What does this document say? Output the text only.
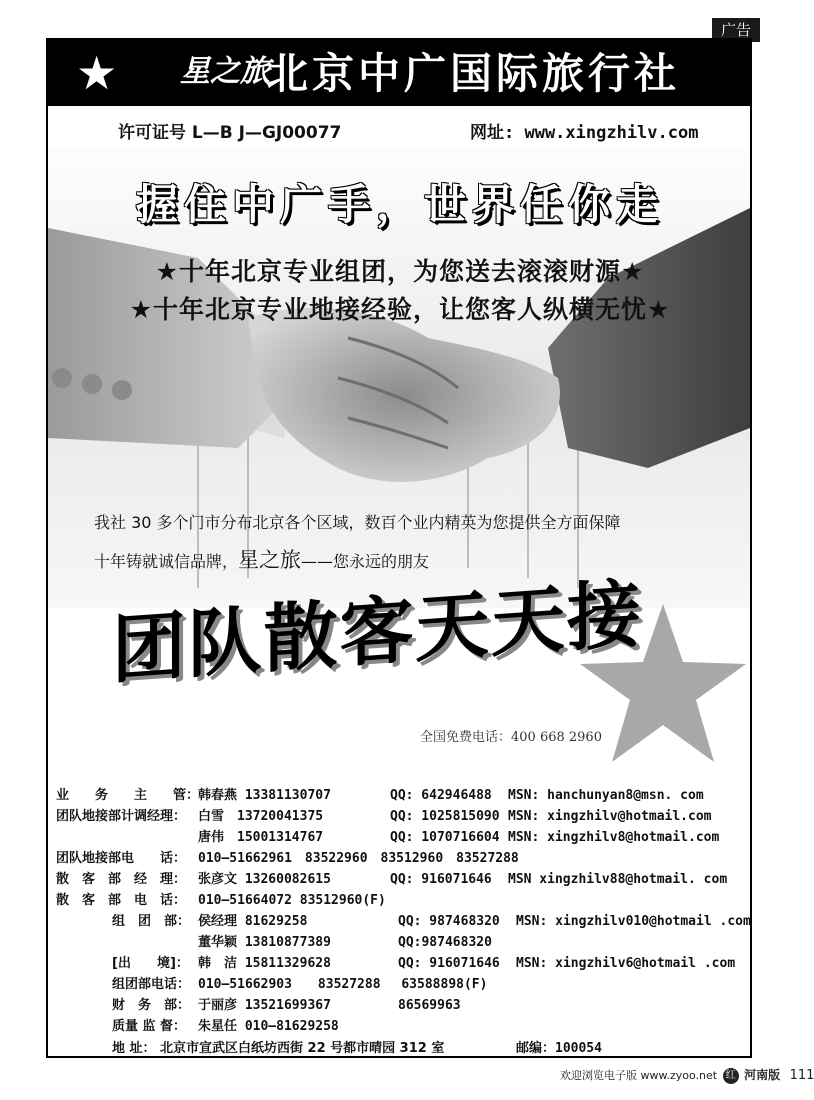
广告
★ 星之旅
北京中广国际旅行社
许可证号 L—B J—GJ00077	网址: www.xingzhilv.com
握住中广手，世界任你走
★十年北京专业组团，为您送去滚滚财源★
★十年北京专业地接经验，让您客人纵横无忧★
我社 30 多个门市分布北京各个区域，数百个业内精英为您提供全方面保障
十年铸就诚信品牌，星之旅——您永远的朋友
团队散客天天接
全国免费电话：400 668 2960
业　　务　　主　　管：
韩春燕 13381130707	QQ: 642946488 MSN: hanchunyan8@msn. com
团队地接部计调经理： 白雪　13720041375	QQ: 1025815090 MSN: xingzhilv@hotmail.com
唐伟　15001314767	QQ: 1070716604 MSN: xingzhilv8@hotmail.com
团队地接部电　　话： 010—51662961　83522960　83512960　83527288
散　客　部　经　理： 张彦文 13260082615	QQ: 916071646 MSN xingzhilv88@hotmail. com
散　客　部　电　话： 010—51664072 83512960(F)
组　团　部： 侯经理 81629258	QQ: 987468320 MSN: xingzhilv010@hotmail .com
董华颖 13810877389	QQ:987468320
[出　　境]： 韩　洁 15811329628	QQ: 916071646 MSN: xingzhilv6@hotmail .com
组团部电话： 010—51662903　　83527288　 63588898(F)
财　务　部： 于丽彦 13521699367	86569963
质量 监 督： 朱星任 010—81629258
地 址： 北京市宣武区白纸坊西街 22 号都市晴园 312 室	邮编：100054
欢迎浏览电子版 www.zyoo.net 红 河南版 111
